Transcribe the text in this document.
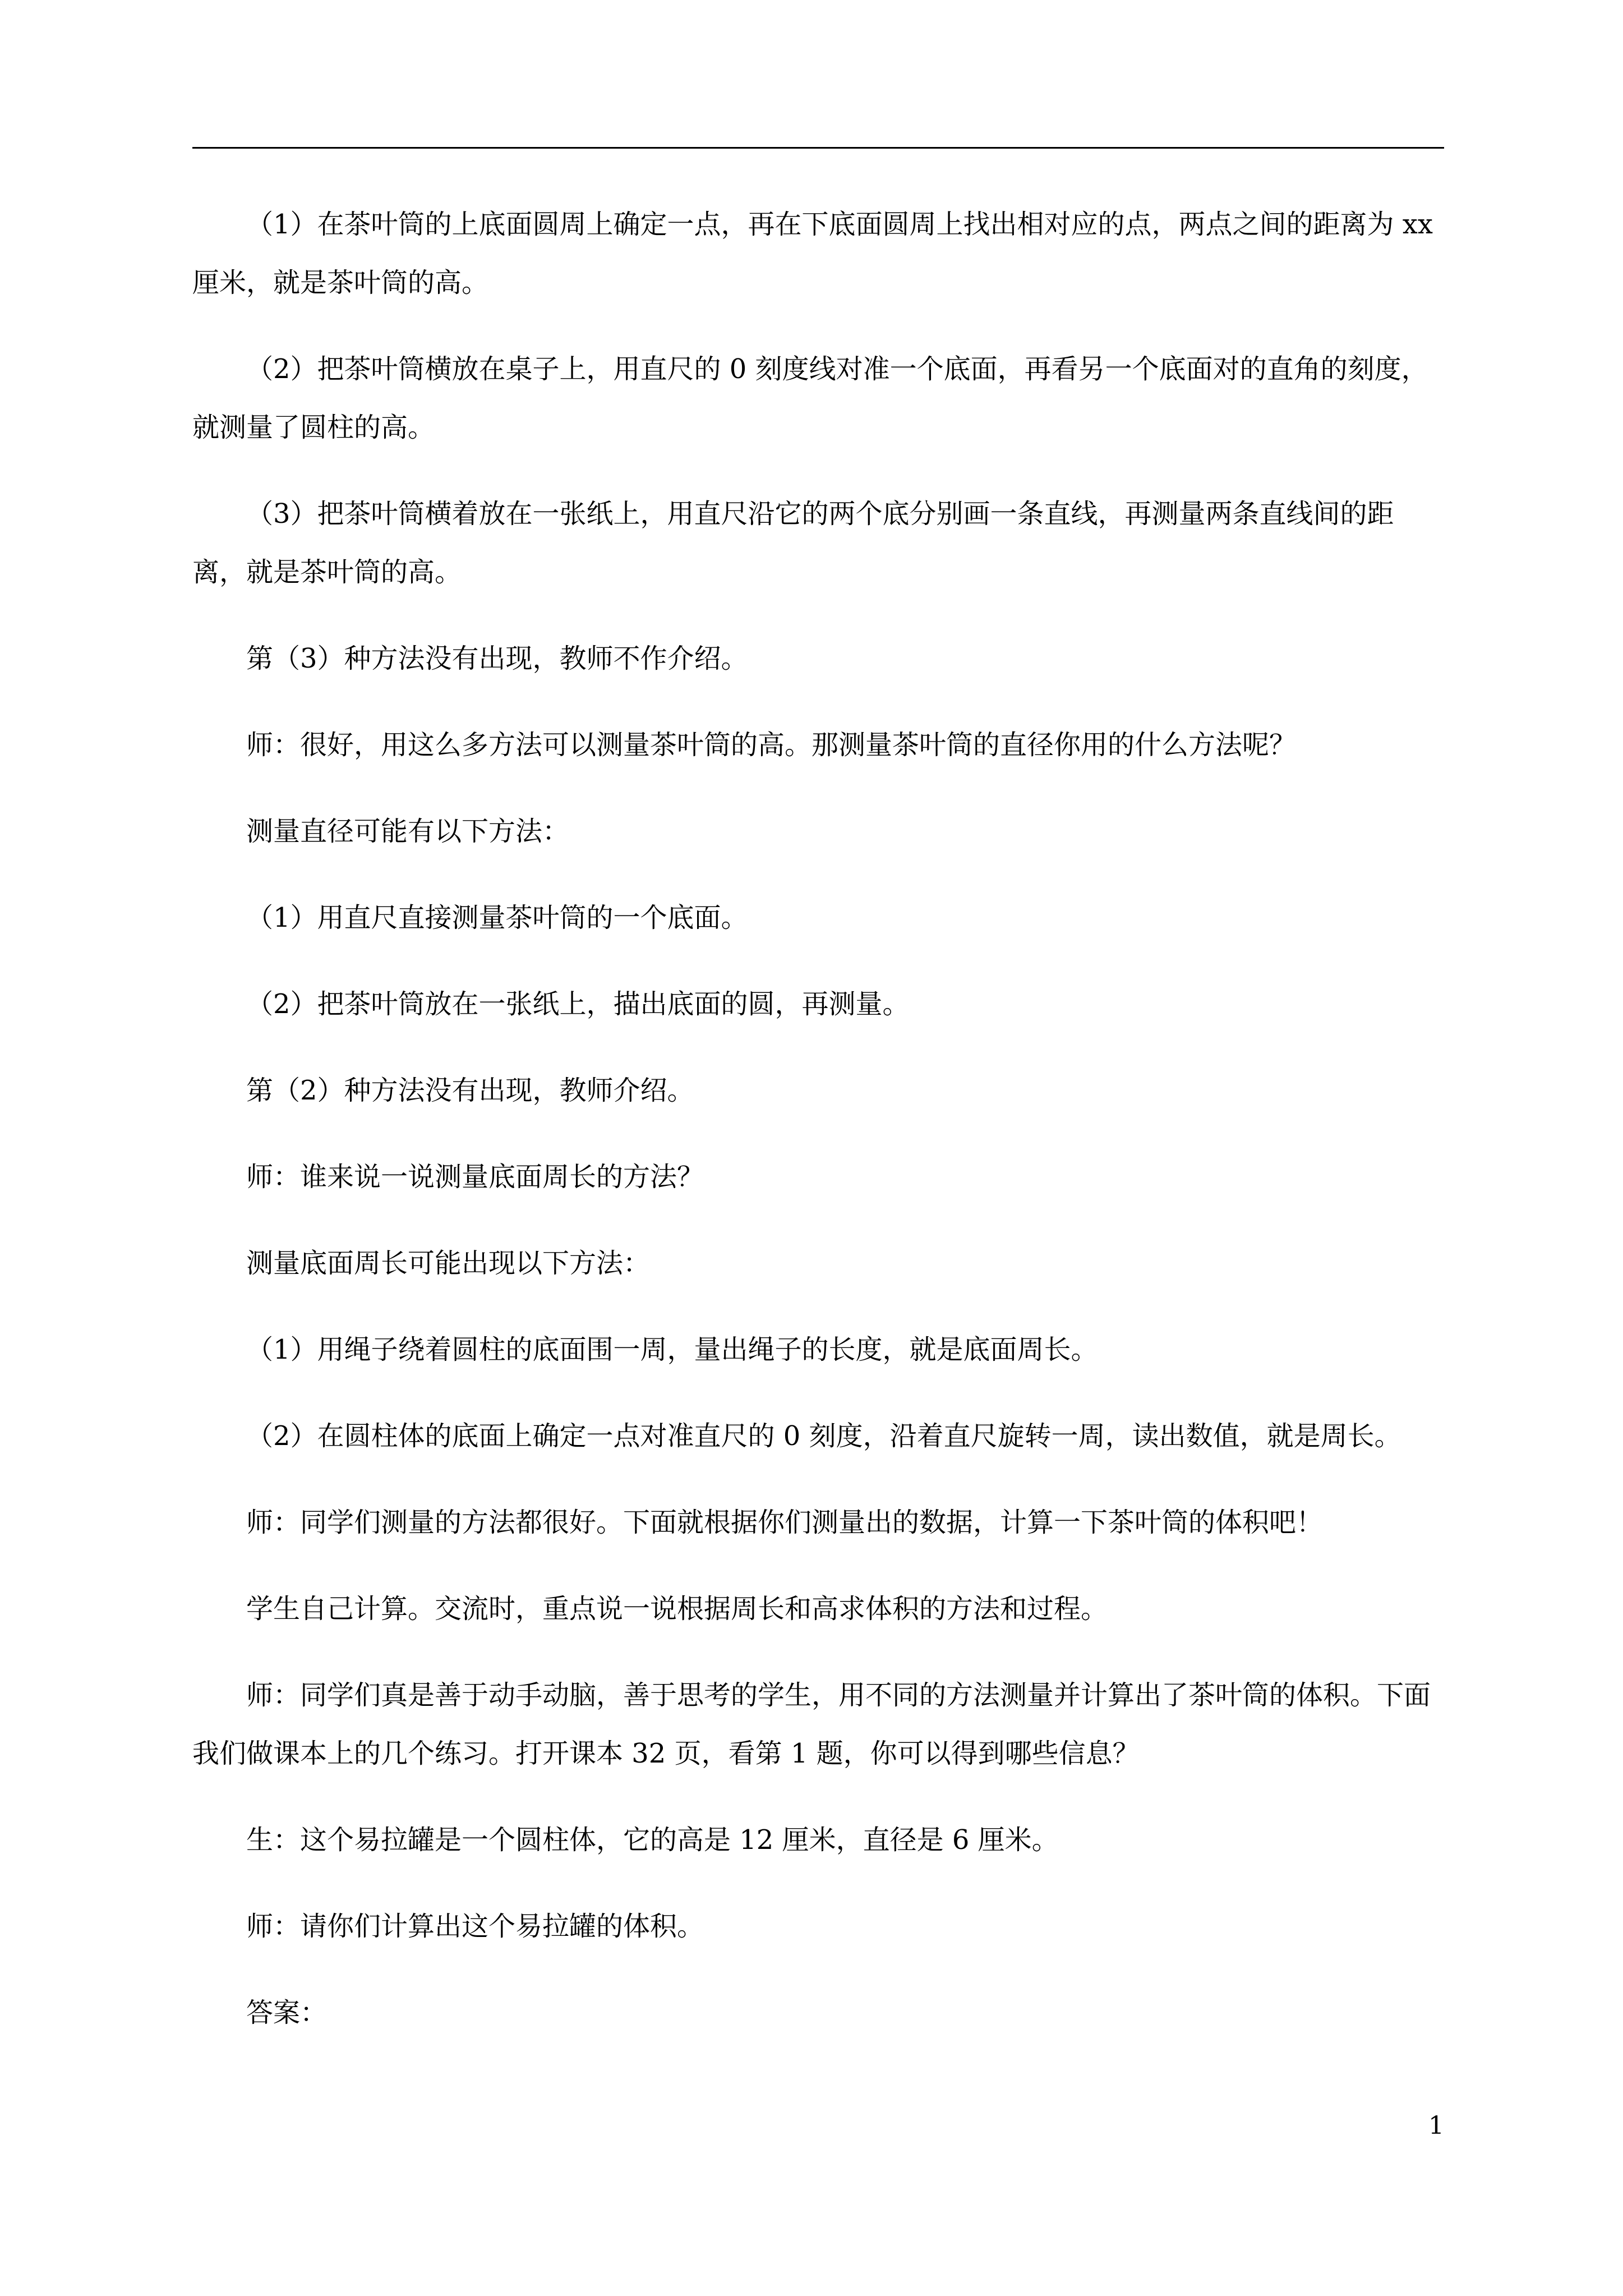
（1）在茶叶筒的上底面圆周上确定一点，再在下底面圆周上找出相对应的点，两点之间的距离为 xx 厘米，就是茶叶筒的高。

（2）把茶叶筒横放在桌子上，用直尺的 0 刻度线对准一个底面，再看另一个底面对的直角的刻度，就测量了圆柱的高。

（3）把茶叶筒横着放在一张纸上，用直尺沿它的两个底分别画一条直线，再测量两条直线间的距离，就是茶叶筒的高。

第（3）种方法没有出现，教师不作介绍。

师：很好，用这么多方法可以测量茶叶筒的高。那测量茶叶筒的直径你用的什么方法呢？

测量直径可能有以下方法：

（1）用直尺直接测量茶叶筒的一个底面。

（2）把茶叶筒放在一张纸上，描出底面的圆，再测量。

第（2）种方法没有出现，教师介绍。

师：谁来说一说测量底面周长的方法？

测量底面周长可能出现以下方法：

（1）用绳子绕着圆柱的底面围一周，量出绳子的长度，就是底面周长。

（2）在圆柱体的底面上确定一点对准直尺的 0 刻度，沿着直尺旋转一周，读出数值，就是周长。

师：同学们测量的方法都很好。下面就根据你们测量出的数据，计算一下茶叶筒的体积吧！

学生自己计算。交流时，重点说一说根据周长和高求体积的方法和过程。

师：同学们真是善于动手动脑，善于思考的学生，用不同的方法测量并计算出了茶叶筒的体积。下面我们做课本上的几个练习。打开课本 32 页，看第 1 题，你可以得到哪些信息？

生：这个易拉罐是一个圆柱体，它的高是 12 厘米，直径是 6 厘米。

师：请你们计算出这个易拉罐的体积。

答案：

1
